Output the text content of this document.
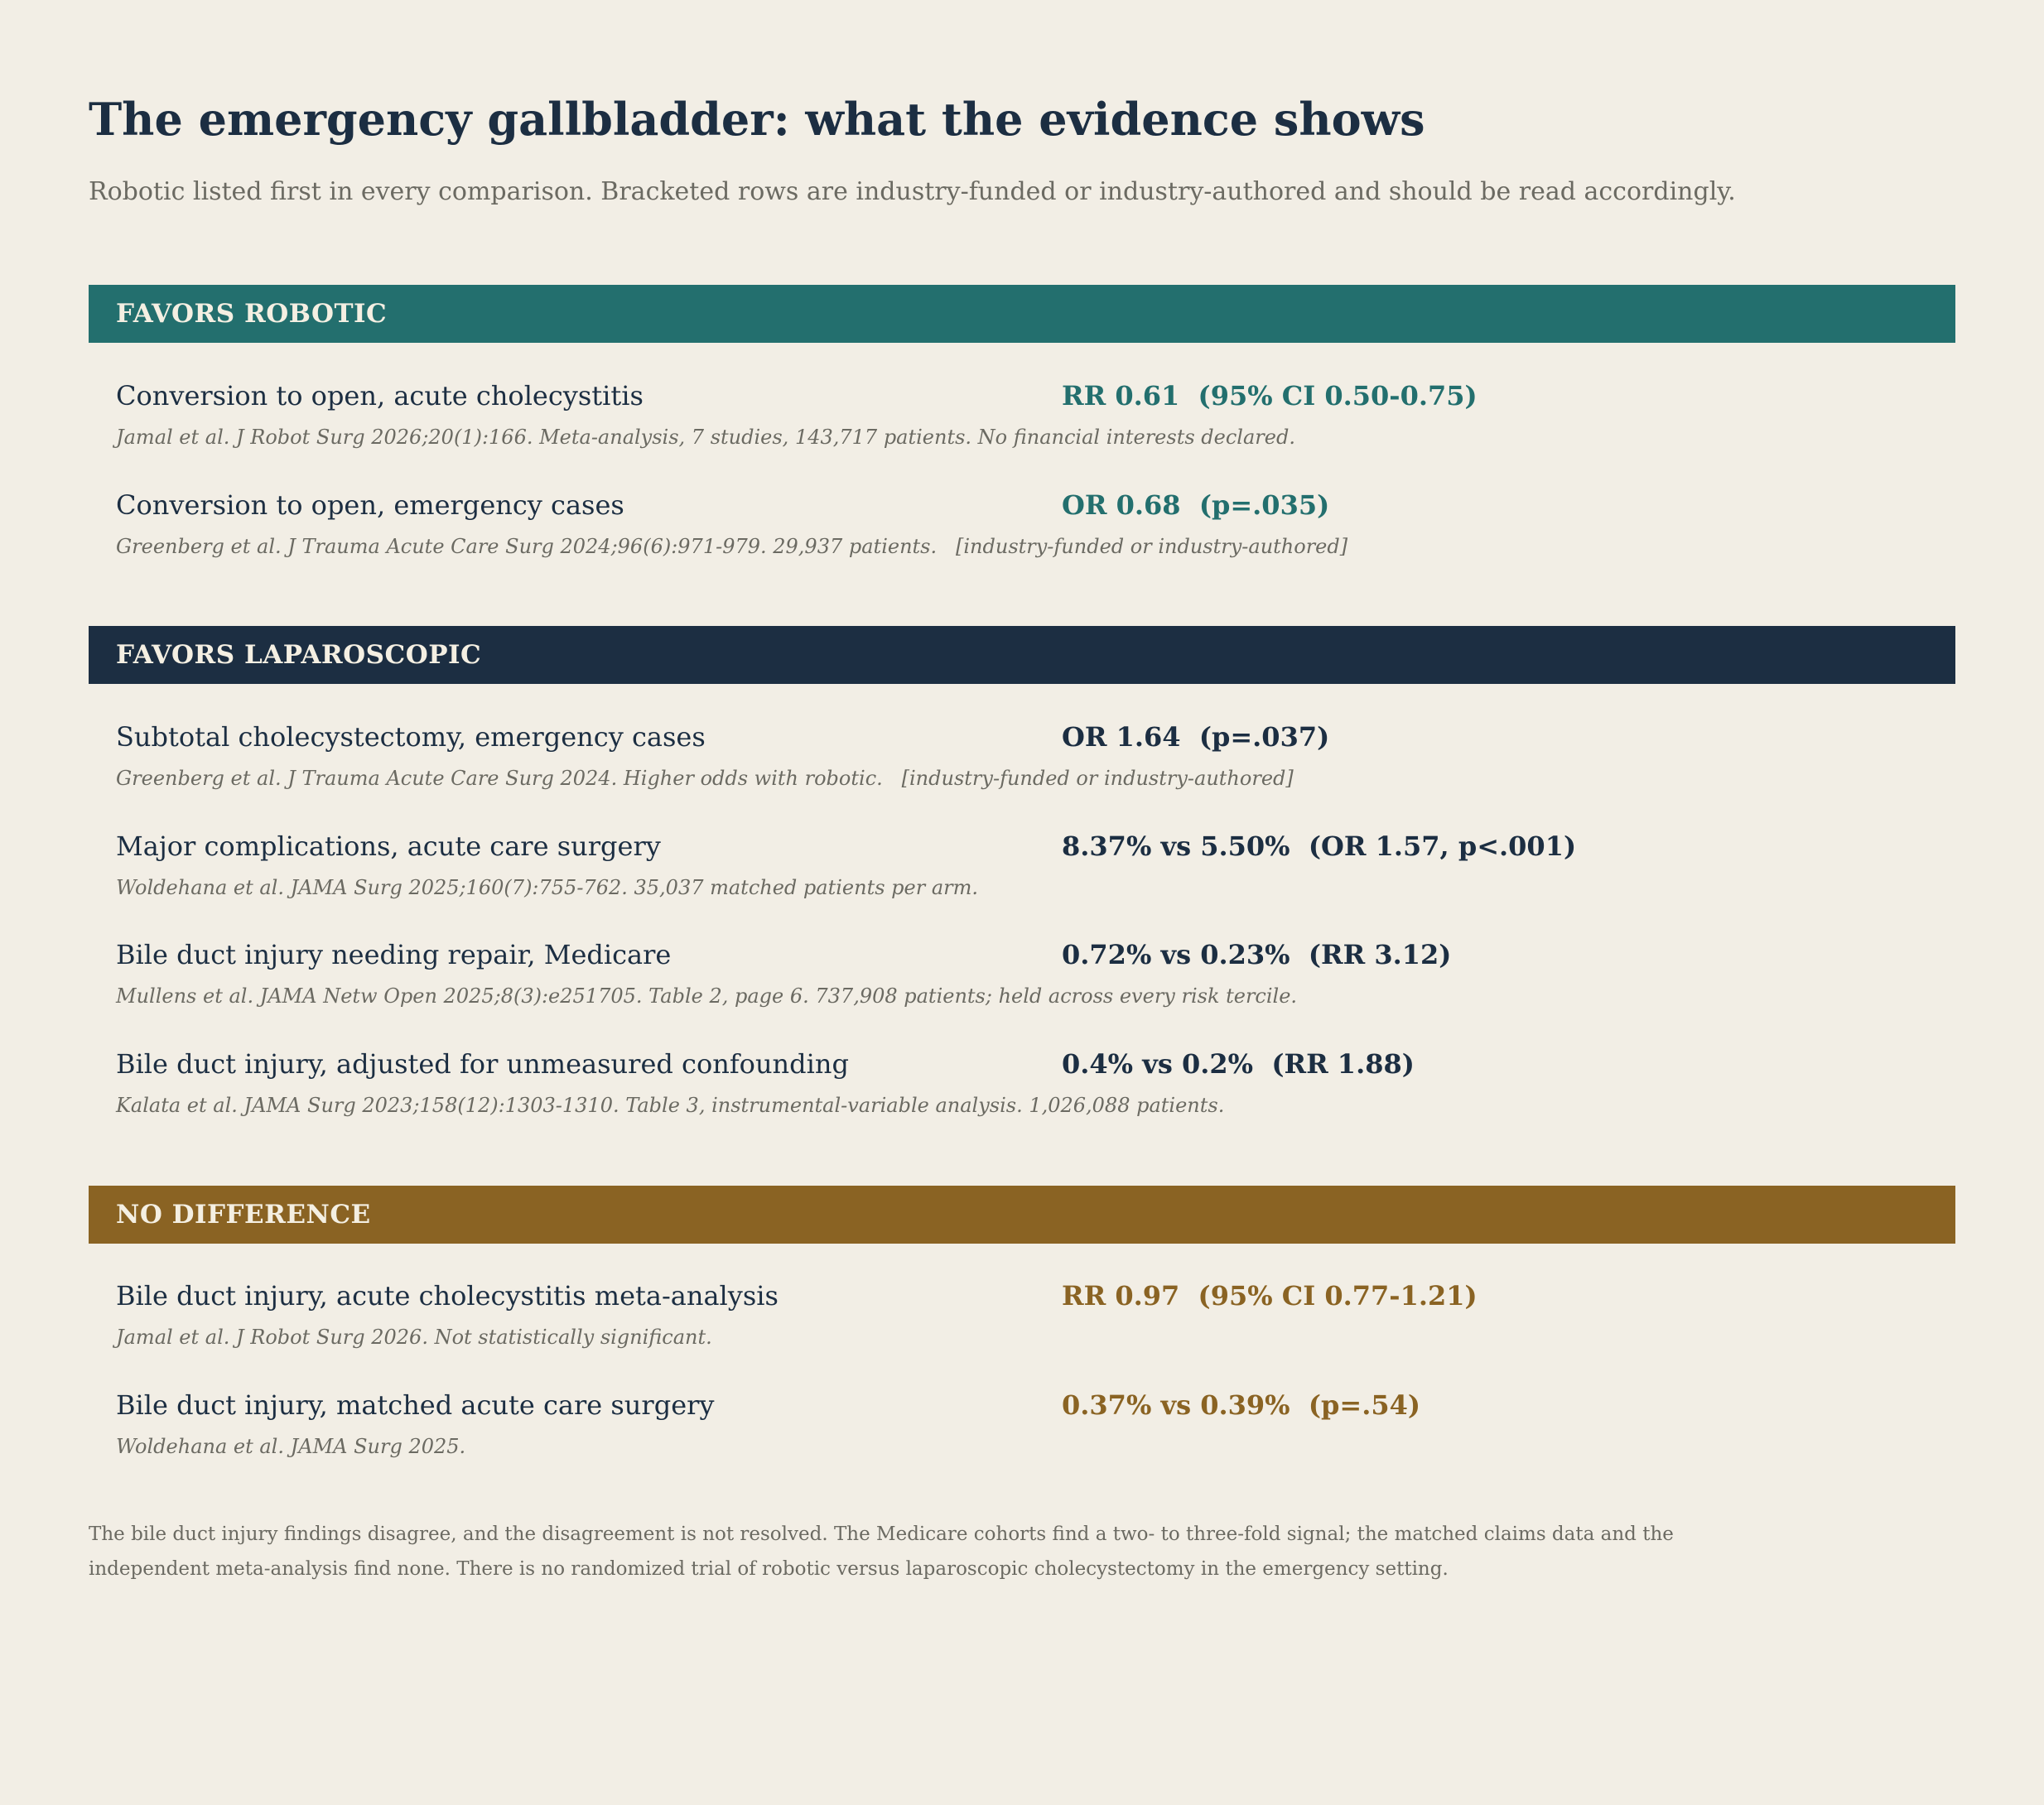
The emergency gallbladder: what the evidence shows

Robotic listed first in every comparison. Bracketed rows are industry-funded or industry-authored and should be read accordingly.

FAVORS ROBOTIC
Conversion to open, acute cholecystitis	RR 0.61  (95% CI 0.50-0.75)
Jamal et al. J Robot Surg 2026;20(1):166. Meta-analysis, 7 studies, 143,717 patients. No financial interests declared.
Conversion to open, emergency cases	OR 0.68  (p=.035)
Greenberg et al. J Trauma Acute Care Surg 2024;96(6):971-979. 29,937 patients.   [industry-funded or industry-authored]
FAVORS LAPAROSCOPIC
Subtotal cholecystectomy, emergency cases	OR 1.64  (p=.037)
Greenberg et al. J Trauma Acute Care Surg 2024. Higher odds with robotic.   [industry-funded or industry-authored]
Major complications, acute care surgery	8.37% vs 5.50%  (OR 1.57, p<.001)
Woldehana et al. JAMA Surg 2025;160(7):755-762. 35,037 matched patients per arm.
Bile duct injury needing repair, Medicare	0.72% vs 0.23%  (RR 3.12)
Mullens et al. JAMA Netw Open 2025;8(3):e251705. Table 2, page 6. 737,908 patients; held across every risk tercile.
Bile duct injury, adjusted for unmeasured confounding	0.4% vs 0.2%  (RR 1.88)
Kalata et al. JAMA Surg 2023;158(12):1303-1310. Table 3, instrumental-variable analysis. 1,026,088 patients.
NO DIFFERENCE
Bile duct injury, acute cholecystitis meta-analysis	RR 0.97  (95% CI 0.77-1.21)
Jamal et al. J Robot Surg 2026. Not statistically significant.
Bile duct injury, matched acute care surgery	0.37% vs 0.39%  (p=.54)
Woldehana et al. JAMA Surg 2025.

The bile duct injury findings disagree, and the disagreement is not resolved. The Medicare cohorts find a two- to three-fold signal; the matched claims data and the independent meta-analysis find none. There is no randomized trial of robotic versus laparoscopic cholecystectomy in the emergency setting.
